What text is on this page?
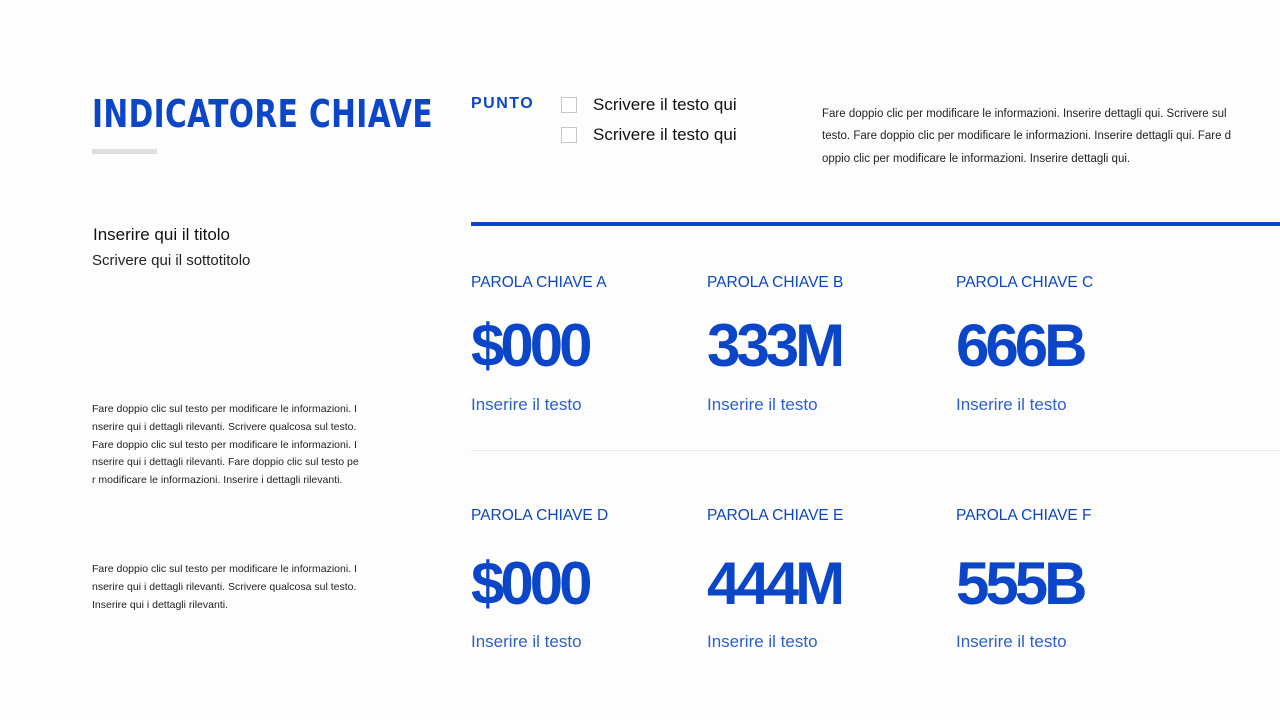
INDICATORE CHIAVE
Inserire qui il titolo
Scrivere qui il sottotitolo

Fare doppio clic sul testo per modificare le informazioni. Inserire qui i dettagli rilevanti. Scrivere qualcosa sul testo.
Fare doppio clic sul testo per modificare le informazioni. Inserire qui i dettagli rilevanti. Fare doppio clic sul testo per modificare le informazioni. Inserire i dettagli rilevanti.

Fare doppio clic sul testo per modificare le informazioni. Inserire qui i dettagli rilevanti. Scrivere qualcosa sul testo.
Inserire qui i dettagli rilevanti.

PUNTO	Scrivere il testo qui
Scrivere il testo qui

Fare doppio clic per modificare le informazioni. Inserire dettagli qui. Scrivere sul testo. Fare doppio clic per modificare le informazioni. Inserire dettagli qui. Fare doppio clic per modificare le informazioni. Inserire dettagli qui.

PAROLA CHIAVE A
$000
Inserire il testo
PAROLA CHIAVE B
333M
Inserire il testo
PAROLA CHIAVE C
666B
Inserire il testo
PAROLA CHIAVE D
$000
Inserire il testo
PAROLA CHIAVE E
444M
Inserire il testo
PAROLA CHIAVE F
555B
Inserire il testo
